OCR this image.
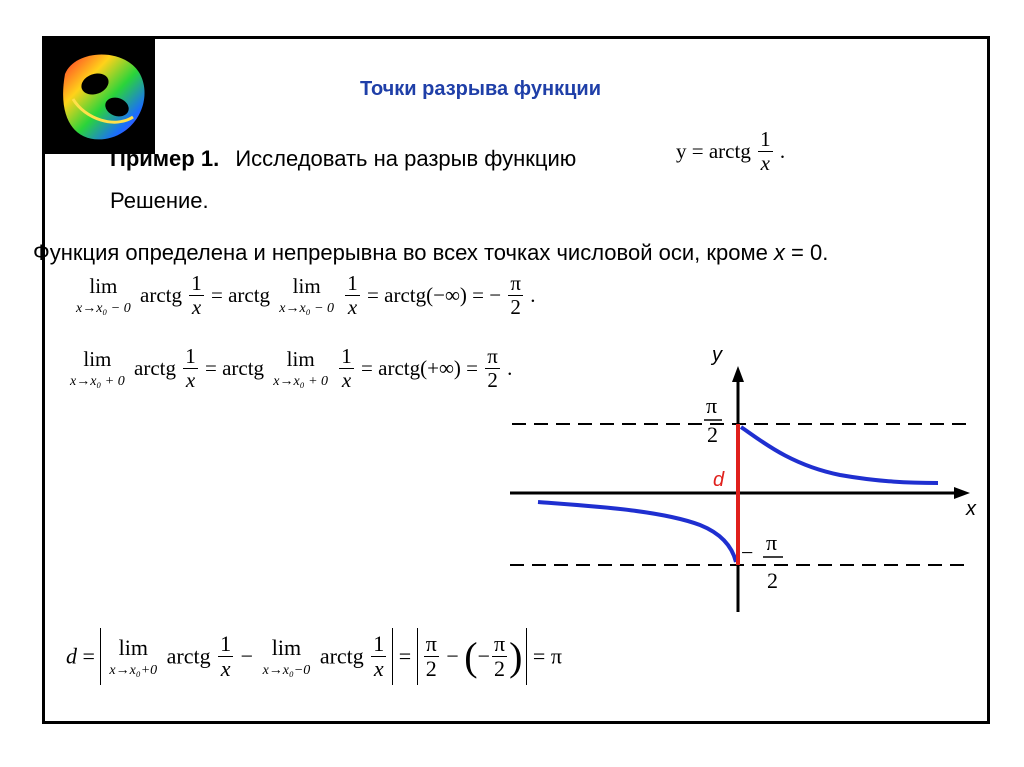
Точки разрыва функции
Пример 1. Исследовать на разрыв функцию	y = arctg $\frac{1}{x}$ .
Решение.
Функция определена и непрерывна во всех точках числовой оси, кроме x = 0.
lim
x→x₀ − 0
arctg $\frac{1}{x}$ = arctg lim
x→x₀ − 0
$\frac{1}{x}$ = arctg(−∞) = − $\frac{\pi}{2}$ .
lim
x→x₀ + 0
arctg $\frac{1}{x}$ = arctg lim
x→x₀ + 0
$\frac{1}{x}$ = arctg(+∞) = $\frac{\pi}{2}$ .
y
x
d
π
2
− π
2
d = lim
x→x₀+0
arctg $\frac{1}{x} - \lim$
x→x₀−0
arctg $\frac{1}{x} = \frac{\pi}{2}$ − (− $\frac{\pi}{2}$ ) = π
